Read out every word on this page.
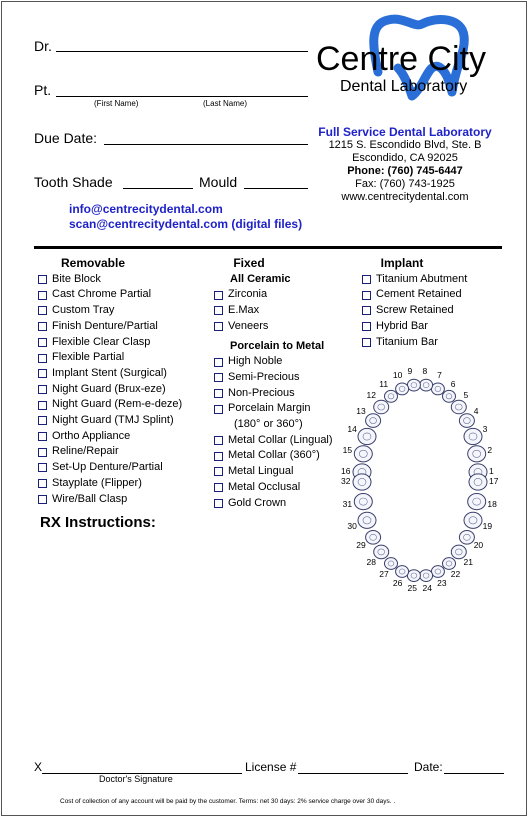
Dr.
Pt.
(First Name)	(Last Name)
Due Date:
Tooth Shade	Mould
info@centrecitydental.com
scan@centrecitydental.com (digital files)
Centre City
Dental Laboratory
Full Service Dental Laboratory
1215 S. Escondido Blvd, Ste. B
Escondido, CA 92025
Phone: (760) 745-6447
Fax: (760) 743-1925
www.centrecitydental.com
Removable
Bite Block
Cast Chrome Partial
Custom Tray
Finish Denture/Partial
Flexible Clear Clasp
Flexible Partial
Implant Stent (Surgical)
Night Guard (Brux-eze)
Night Guard (Rem-e-deze)
Night Guard (TMJ Splint)
Ortho Appliance
Reline/Repair
Set-Up Denture/Partial
Stayplate (Flipper)
Wire/Ball Clasp
Fixed
All Ceramic
Zirconia
E.Max
Veneers
Porcelain to Metal
High Noble
Semi-Precious
Non-Precious
Porcelain Margin
(180° or 360°)
Metal Collar (Lingual)
Metal Collar (360°)
Metal Lingual
Metal Occlusal
Gold Crown
Implant
Titanium Abutment
Cement Retained
Screw Retained
Hybrid Bar
Titanium Bar
RX Instructions:
1
2
3
4
5
6
7
8
9
10
11
12
13
14
15
16
17
18
19
20
21
22
23
24
25
26
27
28
29
30
31
32
X	License #	Date:
Doctor's Signature
Cost of collection of any account will be paid by the customer. Terms: net 30 days: 2% service charge over 30 days. .
